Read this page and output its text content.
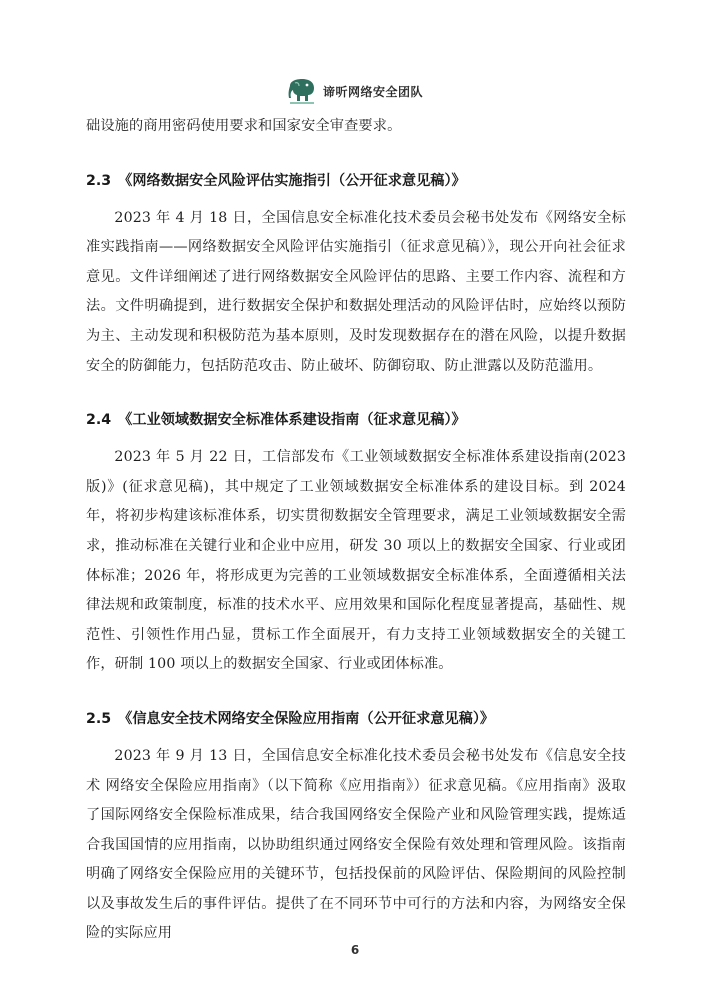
谛听网络安全团队

础设施的商用密码使用要求和国家安全审查要求。

2.3 《网络数据安全风险评估实施指引（公开征求意见稿）》

2023 年 4 月 18 日，全国信息安全标准化技术委员会秘书处发布《网络安全标准实践指南——网络数据安全风险评估实施指引（征求意见稿）》，现公开向社会征求意见。文件详细阐述了进行网络数据安全风险评估的思路、主要工作内容、流程和方法。文件明确提到，进行数据安全保护和数据处理活动的风险评估时，应始终以预防为主、主动发现和积极防范为基本原则，及时发现数据存在的潜在风险，以提升数据安全的防御能力，包括防范攻击、防止破坏、防御窃取、防止泄露以及防范滥用。

2.4 《工业领域数据安全标准体系建设指南（征求意见稿）》

2023 年 5 月 22 日，工信部发布《工业领域数据安全标准体系建设指南(2023 版)》(征求意见稿)，其中规定了工业领域数据安全标准体系的建设目标。到 2024 年，将初步构建该标准体系，切实贯彻数据安全管理要求，满足工业领域数据安全需求，推动标准在关键行业和企业中应用，研发 30 项以上的数据安全国家、行业或团体标准；2026 年，将形成更为完善的工业领域数据安全标准体系，全面遵循相关法律法规和政策制度，标准的技术水平、应用效果和国际化程度显著提高，基础性、规范性、引领性作用凸显，贯标工作全面展开，有力支持工业领域数据安全的关键工作，研制 100 项以上的数据安全国家、行业或团体标准。

2.5 《信息安全技术网络安全保险应用指南（公开征求意见稿）》

2023 年 9 月 13 日，全国信息安全标准化技术委员会秘书处发布《信息安全技术 网络安全保险应用指南》（以下简称《应用指南》）征求意见稿。《应用指南》汲取了国际网络安全保险标准成果，结合我国网络安全保险产业和风险管理实践，提炼适合我国国情的应用指南，以协助组织通过网络安全保险有效处理和管理风险。该指南明确了网络安全保险应用的关键环节，包括投保前的风险评估、保险期间的风险控制以及事故发生后的事件评估。提供了在不同环节中可行的方法和内容，为网络安全保险的实际应用

6
